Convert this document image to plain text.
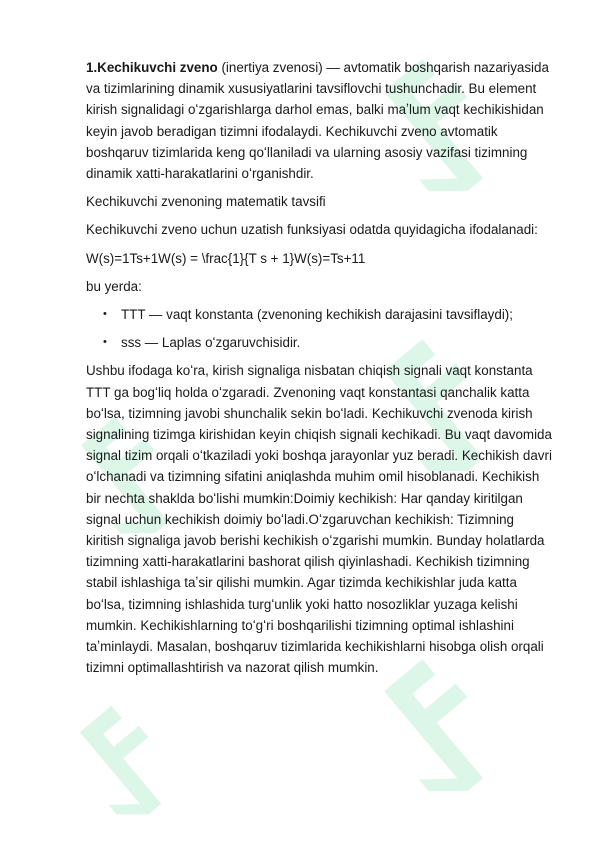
1.Kechikuvchi zveno (inertiya zvenosi) — avtomatik boshqarish nazariyasida va tizimlarining dinamik xususiyatlarini tavsiflovchi tushunchadir. Bu element kirish signalidagi oʻzgarishlarga darhol emas, balki maʼlum vaqt kechikishidan keyin javob beradigan tizimni ifodalaydi. Kechikuvchi zveno avtomatik boshqaruv tizimlarida keng qoʻllaniladi va ularning asosiy vazifasi tizimning dinamik xatti-harakatlarini oʻrganishdir.

Kechikuvchi zvenoning matematik tavsifi

Kechikuvchi zveno uchun uzatish funksiyasi odatda quyidagicha ifodalanadi:

W(s)=1Ts+1W(s) = \frac{1}{T s + 1}W(s)=Ts+11

bu yerda:

• TTT — vaqt konstanta (zvenoning kechikish darajasini tavsiflaydi);
• sss — Laplas oʻzgaruvchisidir.

Ushbu ifodaga koʻra, kirish signaliga nisbatan chiqish signali vaqt konstanta TTT ga bogʻliq holda oʻzgaradi. Zvenoning vaqt konstantasi qanchalik katta boʻlsa, tizimning javobi shunchalik sekin boʻladi. Kechikuvchi zvenoda kirish signalining tizimga kirishidan keyin chiqish signali kechikadi. Bu vaqt davomida signal tizim orqali oʻtkaziladi yoki boshqa jarayonlar yuz beradi. Kechikish davri oʻlchanadi va tizimning sifatini aniqlashda muhim omil hisoblanadi. Kechikish bir nechta shaklda boʻlishi mumkin:Doimiy kechikish: Har qanday kiritilgan signal uchun kechikish doimiy boʻladi.Oʻzgaruvchan kechikish: Tizimning kiritish signaliga javob berishi kechikish oʻzgarishi mumkin. Bunday holatlarda tizimning xatti-harakatlarini bashorat qilish qiyinlashadi. Kechikish tizimning stabil ishlashiga taʼsir qilishi mumkin. Agar tizimda kechikishlar juda katta boʻlsa, tizimning ishlashida turgʻunlik yoki hatto nosozliklar yuzaga kelishi mumkin. Kechikishlarning toʻgʻri boshqarilishi tizimning optimal ishlashini taʼminlaydi. Masalan, boshqaruv tizimlarida kechikishlarni hisobga olish orqali tizimni optimallashtirish va nazorat qilish mumkin.
